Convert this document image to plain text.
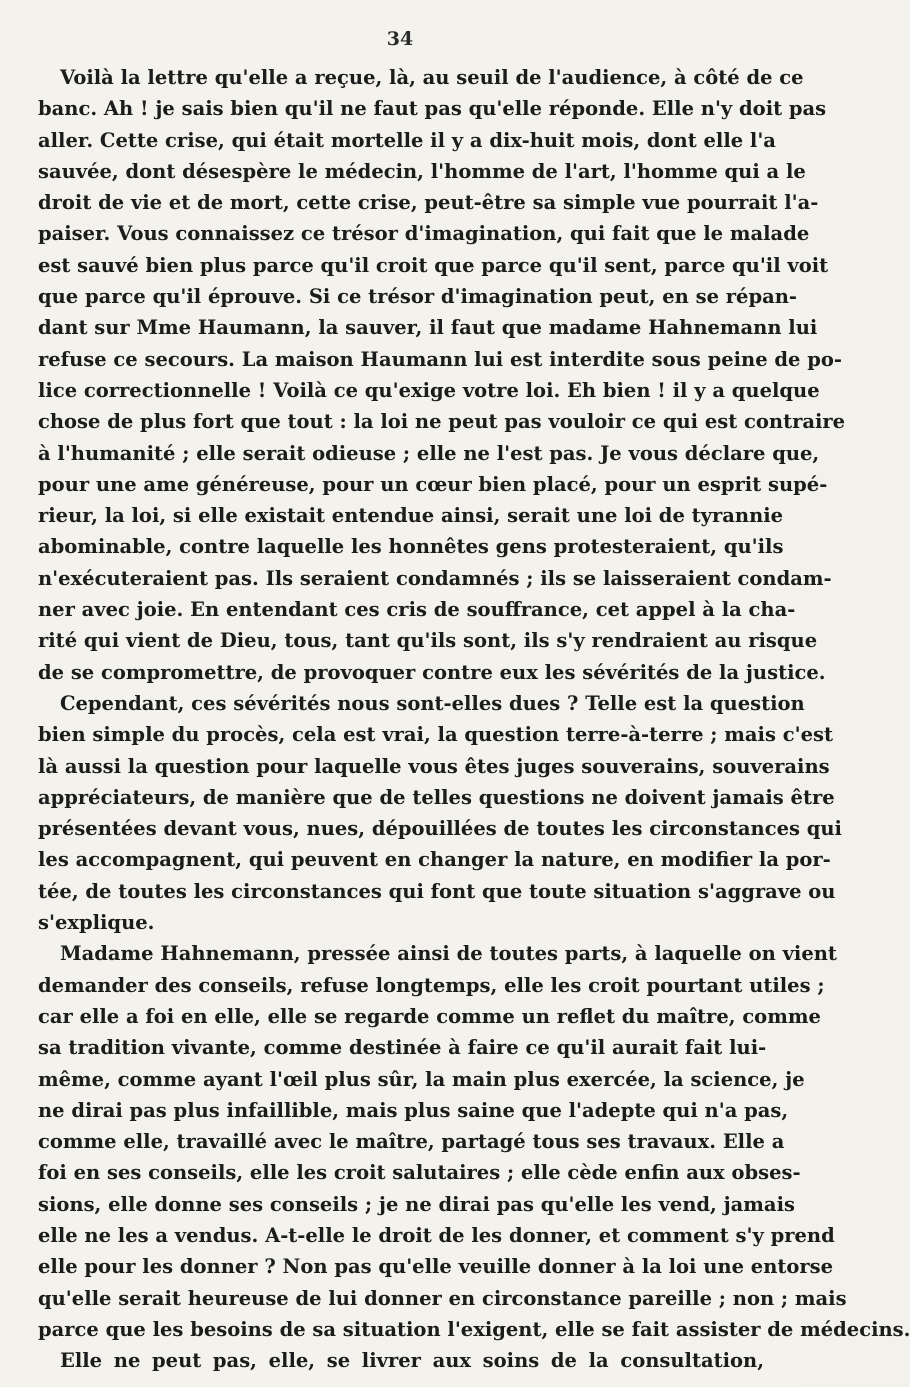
34
Voilà la lettre qu'elle a reçue, là, au seuil de l'audience, à côté de ce
banc. Ah ! je sais bien qu'il ne faut pas qu'elle réponde. Elle n'y doit pas
aller. Cette crise, qui était mortelle il y a dix-huit mois, dont elle l'a
sauvée, dont désespère le médecin, l'homme de l'art, l'homme qui a le
droit de vie et de mort, cette crise, peut-être sa simple vue pourrait l'a-
paiser. Vous connaissez ce trésor d'imagination, qui fait que le malade
est sauvé bien plus parce qu'il croit que parce qu'il sent, parce qu'il voit
que parce qu'il éprouve. Si ce trésor d'imagination peut, en se répan-
dant sur Mme Haumann, la sauver, il faut que madame Hahnemann lui
refuse ce secours. La maison Haumann lui est interdite sous peine de po-
lice correctionnelle ! Voilà ce qu'exige votre loi. Eh bien ! il y a quelque
chose de plus fort que tout : la loi ne peut pas vouloir ce qui est contraire
à l'humanité ; elle serait odieuse ; elle ne l'est pas. Je vous déclare que,
pour une ame généreuse, pour un cœur bien placé, pour un esprit supé-
rieur, la loi, si elle existait entendue ainsi, serait une loi de tyrannie
abominable, contre laquelle les honnêtes gens protesteraient, qu'ils
n'exécuteraient pas. Ils seraient condamnés ; ils se laisseraient condam-
ner avec joie. En entendant ces cris de souffrance, cet appel à la cha-
rité qui vient de Dieu, tous, tant qu'ils sont, ils s'y rendraient au risque
de se compromettre, de provoquer contre eux les sévérités de la justice.
Cependant, ces sévérités nous sont-elles dues ? Telle est la question
bien simple du procès, cela est vrai, la question terre-à-terre ; mais c'est
là aussi la question pour laquelle vous êtes juges souverains, souverains
appréciateurs, de manière que de telles questions ne doivent jamais être
présentées devant vous, nues, dépouillées de toutes les circonstances qui
les accompagnent, qui peuvent en changer la nature, en modifier la por-
tée, de toutes les circonstances qui font que toute situation s'aggrave ou
s'explique.
Madame Hahnemann, pressée ainsi de toutes parts, à laquelle on vient
demander des conseils, refuse longtemps, elle les croit pourtant utiles ;
car elle a foi en elle, elle se regarde comme un reflet du maître, comme
sa tradition vivante, comme destinée à faire ce qu'il aurait fait lui-
même, comme ayant l'œil plus sûr, la main plus exercée, la science, je
ne dirai pas plus infaillible, mais plus saine que l'adepte qui n'a pas,
comme elle, travaillé avec le maître, partagé tous ses travaux. Elle a
foi en ses conseils, elle les croit salutaires ; elle cède enfin aux obses-
sions, elle donne ses conseils ; je ne dirai pas qu'elle les vend, jamais
elle ne les a vendus. A-t-elle le droit de les donner, et comment s'y prend
elle pour les donner ? Non pas qu'elle veuille donner à la loi une entorse
qu'elle serait heureuse de lui donner en circonstance pareille ; non ; mais
parce que les besoins de sa situation l'exigent, elle se fait assister de médecins.
Elle ne peut pas, elle, se livrer aux soins de la consultation,
